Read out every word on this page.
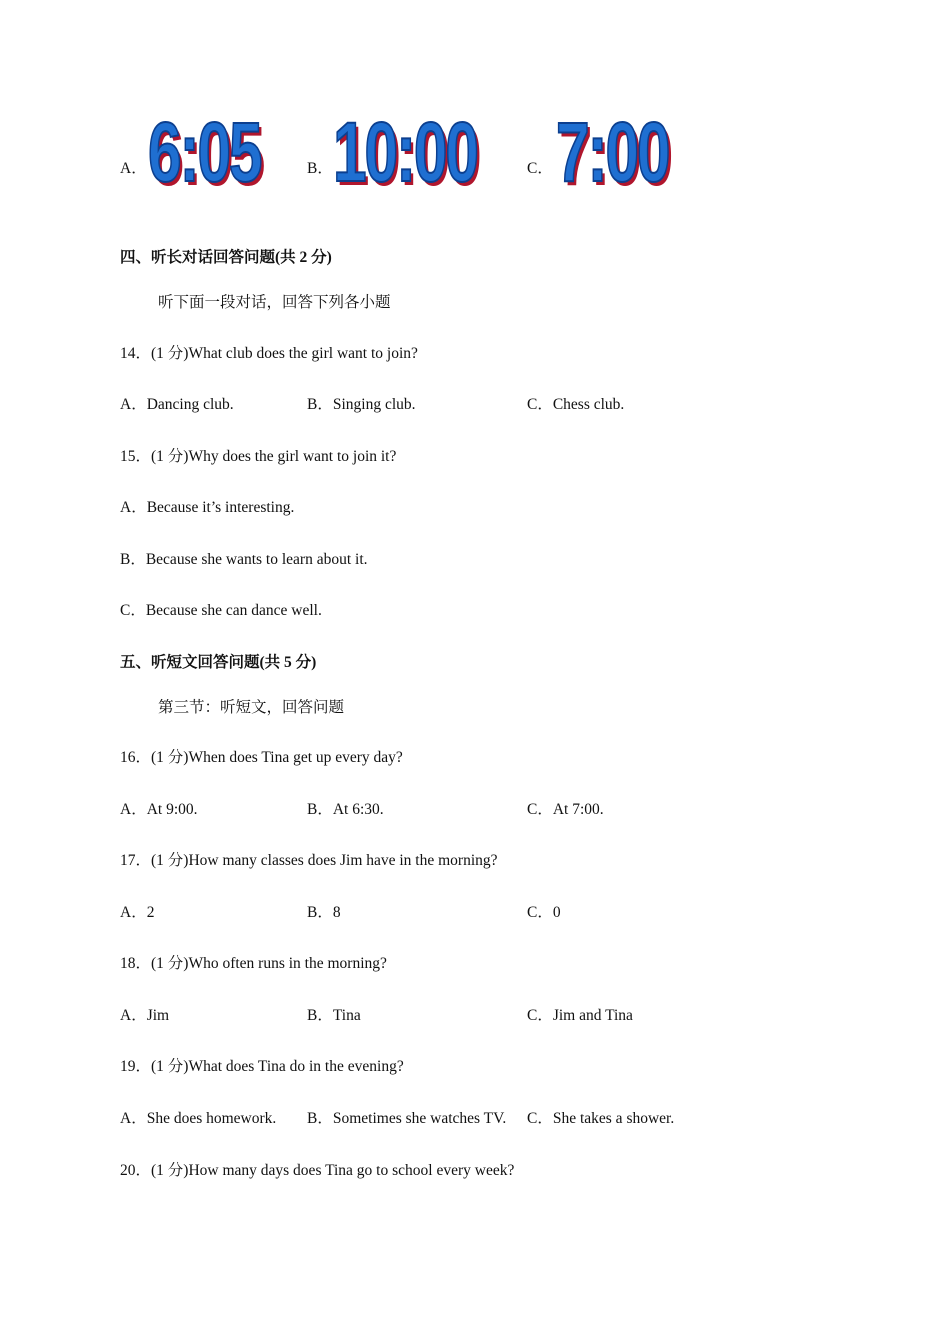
A． 6:05	B． 10:00	C． 7:00
四、听长对话回答问题(共 2 分)
听下面一段对话，回答下列各小题
14．(1 分)What club does the girl want to join?
A．Dancing club.	B．Singing club.	C．Chess club.
15．(1 分)Why does the girl want to join it?
A．Because it’s interesting.
B．Because she wants to learn about it.
C．Because she can dance well.
五、听短文回答问题(共 5 分)
第三节：听短文，回答问题
16．(1 分)When does Tina get up every day?
A．At 9:00.	B．At 6:30.	C．At 7:00.
17．(1 分)How many classes does Jim have in the morning?
A．2	B．8	C．0
18．(1 分)Who often runs in the morning?
A．Jim	B．Tina	C．Jim and Tina
19．(1 分)What does Tina do in the evening?
A．She does homework. B．Sometimes she watches TV. C．She takes a shower.
20．(1 分)How many days does Tina go to school every week?
